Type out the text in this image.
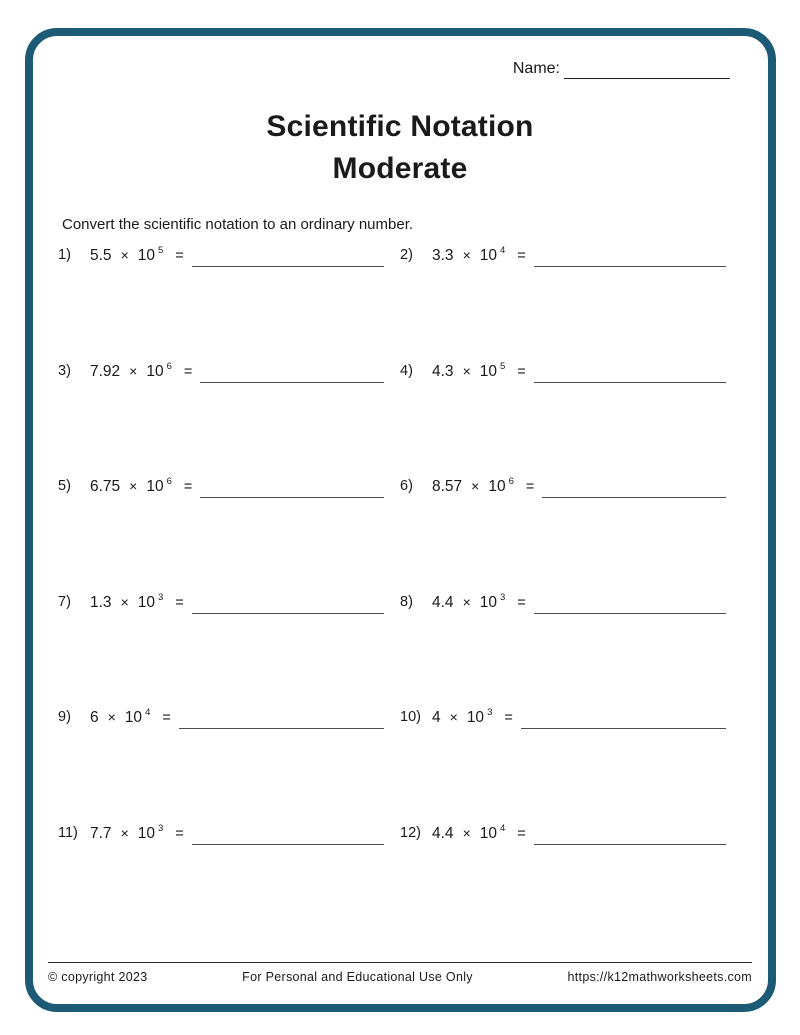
Name:
Scientific Notation
Moderate
Convert the scientific notation to an ordinary number.
1)	5.5 × 10 $^5$ =	2)	3.3 × 10 $^4$ =
3)	7.92 × 10 $^6$ =	4)	4.3 × 10 $^5$ =
5)	6.75 × 10 $^6$ =	6)	8.57 × 10 $^6$ =
7)	1.3 × 10 $^3$ =	8)	4.4 × 10 $^3$ =
9)	6 × 10 $^4$ =	10) 4 × 10 $^3$ =
11) 7.7 × 10 $^3$ =	12) 4.4 × 10 $^4$ =
© copyright 2023	For Personal and Educational Use Only	https://k12mathworksheets.com
